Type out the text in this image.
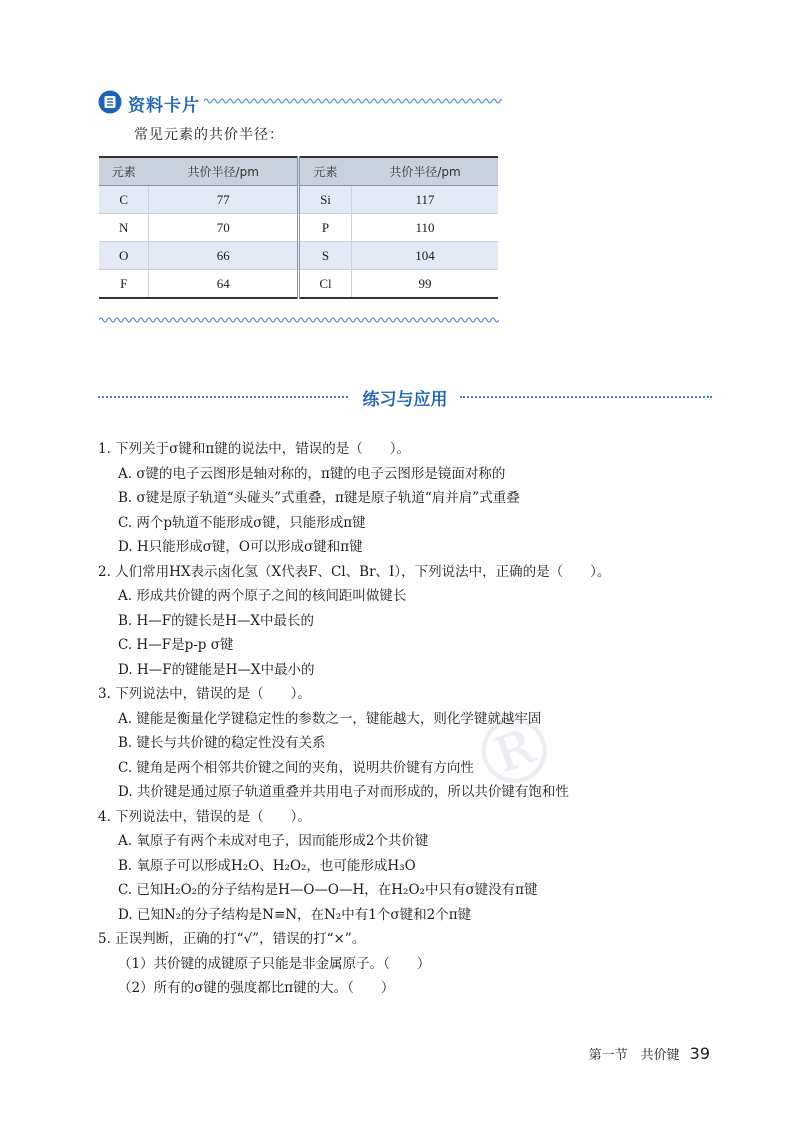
资料卡片
常见元素的共价半径：
元素	共价半径/pm	元素	共价半径/pm
C	77	Si	117
N	70	P	110
O	66	S	104
F	64	Cl	99
®
练习与应用
1. 下列关于σ键和π键的说法中，错误的是（　　）。
A. σ键的电子云图形是轴对称的，π键的电子云图形是镜面对称的
B. σ键是原子轨道“头碰头”式重叠，π键是原子轨道“肩并肩”式重叠
C. 两个p轨道不能形成σ键，只能形成π键
D. H只能形成σ键，O可以形成σ键和π键
2. 人们常用HX表示卤化氢（X代表F、Cl、Br、I），下列说法中，正确的是（　　）。
A. 形成共价键的两个原子之间的核间距叫做键长
B. H—F的键长是H—X中最长的
C. H—F是p-p σ键
D. H—F的键能是H—X中最小的
3. 下列说法中，错误的是（　　）。
A. 键能是衡量化学键稳定性的参数之一，键能越大，则化学键就越牢固
B. 键长与共价键的稳定性没有关系
C. 键角是两个相邻共价键之间的夹角，说明共价键有方向性
D. 共价键是通过原子轨道重叠并共用电子对而形成的，所以共价键有饱和性
4. 下列说法中，错误的是（　　）。
A. 氧原子有两个未成对电子，因而能形成2个共价键
B. 氧原子可以形成H₂O、H₂O₂，也可能形成H₃O
C. 已知H₂O₂的分子结构是H—O—O—H，在H₂O₂中只有σ键没有π键
D. 已知N₂的分子结构是N≡N，在N₂中有1个σ键和2个π键
5. 正误判断，正确的打“√”，错误的打“×”。
（1）共价键的成键原子只能是非金属原子。（　　）
（2）所有的σ键的强度都比π键的大。（　　）
第一节　共价键 39
